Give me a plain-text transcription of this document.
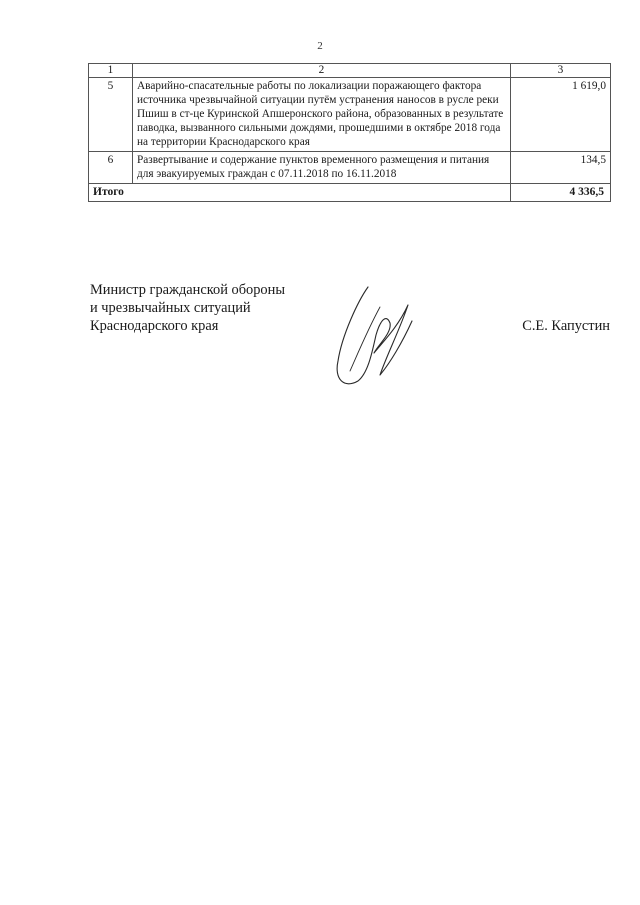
2
1	2	3
5	Аварийно-спасательные работы по локализации поражающего фактора источника чрезвычайной ситуации путём устранения наносов в русле реки Пшиш в ст-це Куринской Апшеронского района, образованных в результате паводка, вызванного сильными дождями, прошедшими в октябре 2018 года на территории Краснодарского края	1 619,0
6	Развертывание и содержание пунктов временного размещения и питания для эвакуируемых граждан с 07.11.2018 по 16.11.2018	134,5
Итого		4 336,5
Министр гражданской обороны
и чрезвычайных ситуаций
Краснодарского края	С.Е. Капустин
